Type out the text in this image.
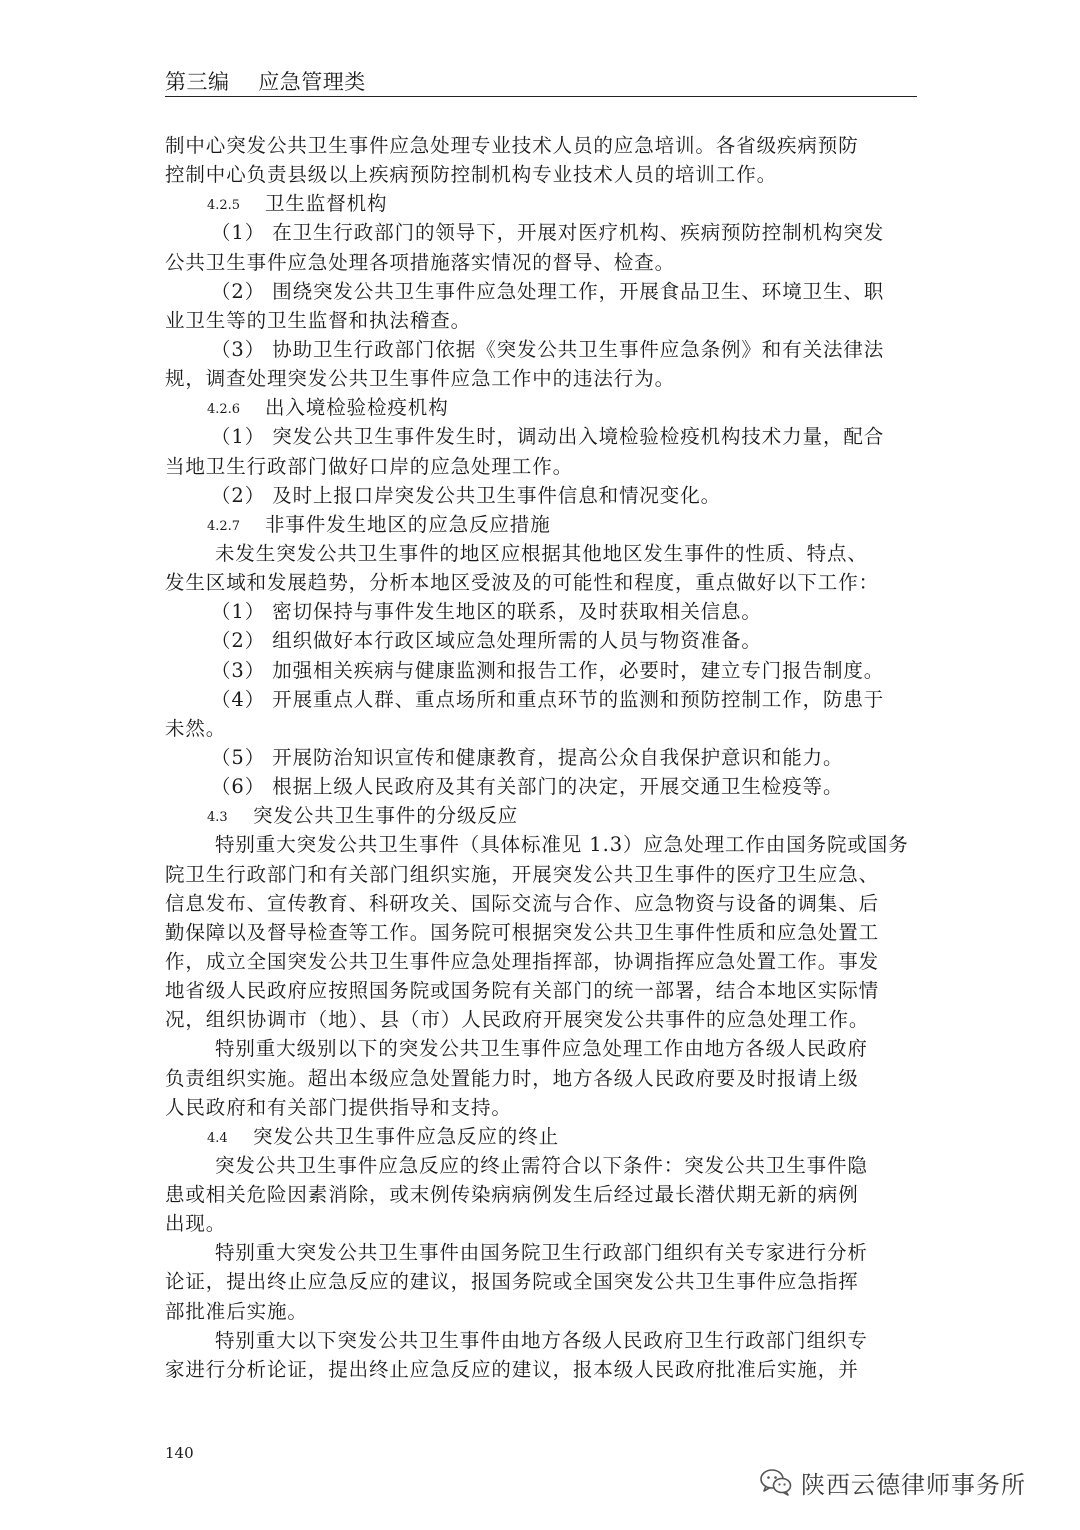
第三编    应急管理类
制中心突发公共卫生事件应急处理专业技术人员的应急培训。各省级疾病预防
控制中心负责县级以上疾病预防控制机构专业技术人员的培训工作。
4.2.5 卫生监督机构
（1） 在卫生行政部门的领导下，开展对医疗机构、疾病预防控制机构突发
公共卫生事件应急处理各项措施落实情况的督导、检查。
（2） 围绕突发公共卫生事件应急处理工作，开展食品卫生、环境卫生、职
业卫生等的卫生监督和执法稽查。
（3） 协助卫生行政部门依据《突发公共卫生事件应急条例》和有关法律法
规，调查处理突发公共卫生事件应急工作中的违法行为。
4.2.6 出入境检验检疫机构
（1） 突发公共卫生事件发生时，调动出入境检验检疫机构技术力量，配合
当地卫生行政部门做好口岸的应急处理工作。
（2） 及时上报口岸突发公共卫生事件信息和情况变化。
4.2.7 非事件发生地区的应急反应措施
未发生突发公共卫生事件的地区应根据其他地区发生事件的性质、特点、
发生区域和发展趋势，分析本地区受波及的可能性和程度，重点做好以下工作：
（1） 密切保持与事件发生地区的联系，及时获取相关信息。
（2） 组织做好本行政区域应急处理所需的人员与物资准备。
（3） 加强相关疾病与健康监测和报告工作，必要时，建立专门报告制度。
（4） 开展重点人群、重点场所和重点环节的监测和预防控制工作，防患于
未然。
（5） 开展防治知识宣传和健康教育，提高公众自我保护意识和能力。
（6） 根据上级人民政府及其有关部门的决定，开展交通卫生检疫等。
4.3 突发公共卫生事件的分级反应
特别重大突发公共卫生事件（具体标准见 1.3）应急处理工作由国务院或国务
院卫生行政部门和有关部门组织实施，开展突发公共卫生事件的医疗卫生应急、
信息发布、宣传教育、科研攻关、国际交流与合作、应急物资与设备的调集、后
勤保障以及督导检查等工作。国务院可根据突发公共卫生事件性质和应急处置工
作，成立全国突发公共卫生事件应急处理指挥部，协调指挥应急处置工作。事发
地省级人民政府应按照国务院或国务院有关部门的统一部署，结合本地区实际情
况，组织协调市（地）、县（市）人民政府开展突发公共事件的应急处理工作。
特别重大级别以下的突发公共卫生事件应急处理工作由地方各级人民政府
负责组织实施。超出本级应急处置能力时，地方各级人民政府要及时报请上级
人民政府和有关部门提供指导和支持。
4.4 突发公共卫生事件应急反应的终止
突发公共卫生事件应急反应的终止需符合以下条件：突发公共卫生事件隐
患或相关危险因素消除，或末例传染病病例发生后经过最长潜伏期无新的病例
出现。
特别重大突发公共卫生事件由国务院卫生行政部门组织有关专家进行分析
论证，提出终止应急反应的建议，报国务院或全国突发公共卫生事件应急指挥
部批准后实施。
特别重大以下突发公共卫生事件由地方各级人民政府卫生行政部门组织专
家进行分析论证，提出终止应急反应的建议，报本级人民政府批准后实施，并
140
陕西云德律师事务所
